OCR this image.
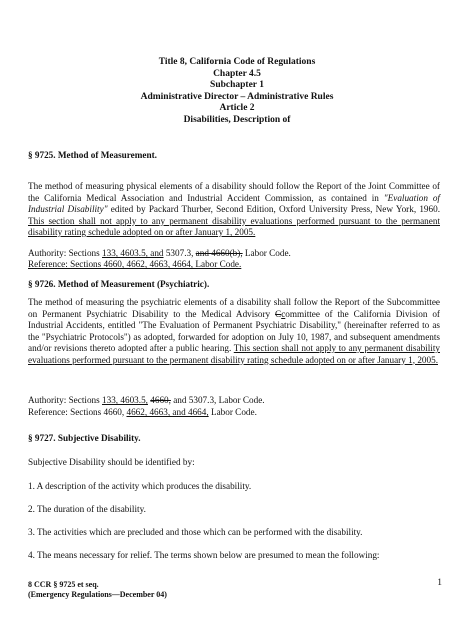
Title 8, California Code of Regulations
Chapter 4.5
Subchapter 1
Administrative Director – Administrative Rules
Article 2
Disabilities, Description of

§ 9725. Method of Measurement.

The method of measuring physical elements of a disability should follow the Report of the Joint Committee of the California Medical Association and Industrial Accident Commission, as contained in "Evaluation of Industrial Disability" edited by Packard Thurber, Second Edition, Oxford University Press, New York, 1960. This section shall not apply to any permanent disability evaluations performed pursuant to the permanent disability rating schedule adopted on or after January 1, 2005.

Authority: Sections 133, 4603.5, and 5307.3, and 4660(b), Labor Code.

Reference: Sections 4660, 4662, 4663, 4664, Labor Code.

§ 9726. Method of Measurement (Psychiatric).

The method of measuring the psychiatric elements of a disability shall follow the Report of the Subcommittee on Permanent Psychiatric Disability to the Medical Advisory Ccommittee of the California Division of Industrial Accidents, entitled "The Evaluation of Permanent Psychiatric Disability," (hereinafter referred to as the "Psychiatric Protocols") as adopted, forwarded for adoption on July 10, 1987, and subsequent amendments and/or revisions thereto adopted after a public hearing. This section shall not apply to any permanent disability evaluations performed pursuant to the permanent disability rating schedule adopted on or after January 1, 2005.

Authority: Sections 133, 4603.5, 4660, and 5307.3, Labor Code.

Reference: Sections 4660, 4662, 4663, and 4664, Labor Code.

§ 9727. Subjective Disability.

Subjective Disability should be identified by:

1. A description of the activity which produces the disability.

2. The duration of the disability.

3. The activities which are precluded and those which can be performed with the disability.

4. The means necessary for relief. The terms shown below are presumed to mean the following:

8 CCR § 9725 et seq.
(Emergency Regulations—December 04)
1
